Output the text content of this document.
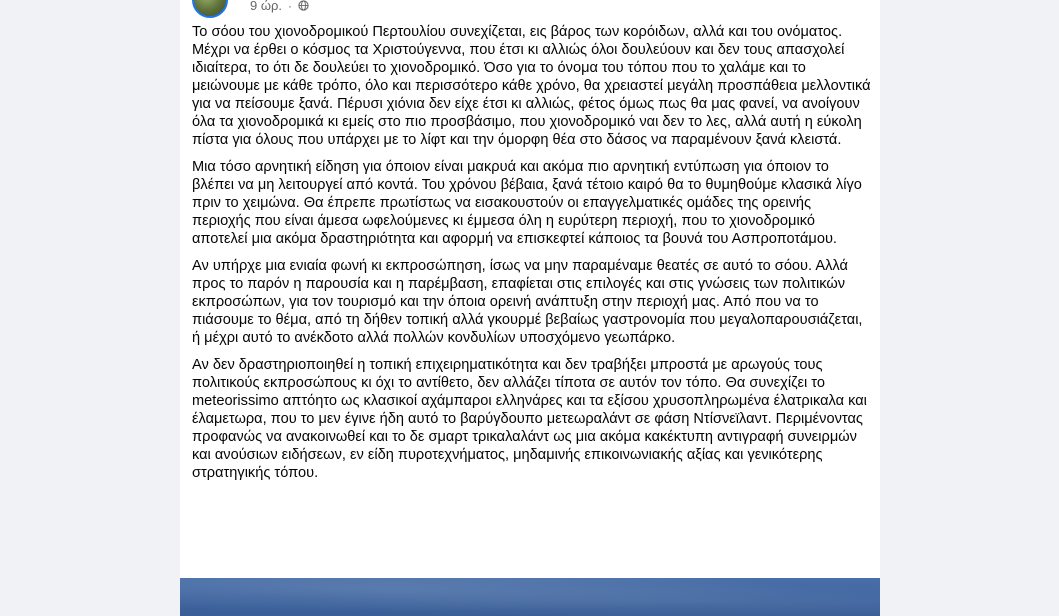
9 ώρ. ·

Το σόου του χιονοδρομικού Περτουλίου συνεχίζεται, εις βάρος των κορόιδων, αλλά και του ονόματος. Μέχρι να έρθει ο κόσμος τα Χριστούγεννα, που έτσι κι αλλιώς όλοι δουλεύουν και δεν τους απασχολεί ιδιαίτερα, το ότι δε δουλεύει το χιονοδρομικό. Όσο για το όνομα του τόπου που το χαλάμε και το μειώνουμε με κάθε τρόπο, όλο και περισσότερο κάθε χρόνο, θα χρειαστεί μεγάλη προσπάθεια μελλοντικά για να πείσουμε ξανά. Πέρυσι χιόνια δεν είχε έτσι κι αλλιώς, φέτος όμως πως θα μας φανεί, να ανοίγουν όλα τα χιονοδρομικά κι εμείς στο πιο προσβάσιμο, που χιονοδρομικό ναι δεν το λες, αλλά αυτή η εύκολη πίστα για όλους που υπάρχει με το λίφτ και την όμορφη θέα στο δάσος να παραμένουν ξανά κλειστά.

Μια τόσο αρνητική είδηση για όποιον είναι μακρυά και ακόμα πιο αρνητική εντύπωση για όποιον το βλέπει να μη λειτουργεί από κοντά. Του χρόνου βέβαια, ξανά τέτοιο καιρό θα το θυμηθούμε κλασικά λίγο πριν το χειμώνα. Θα έπρεπε πρωτίστως να εισακουστούν οι επαγγελματικές ομάδες της ορεινής περιοχής που είναι άμεσα ωφελούμενες κι έμμεσα όλη η ευρύτερη περιοχή, που το χιονοδρομικό αποτελεί μια ακόμα δραστηριότητα και αφορμή να επισκεφτεί κάποιος τα βουνά του Ασπροποτάμου.

Αν υπήρχε μια ενιαία φωνή κι εκπροσώπηση, ίσως να μην παραμέναμε θεατές σε αυτό το σόου. Αλλά προς το παρόν η παρουσία και η παρέμβαση, επαφίεται στις επιλογές και στις γνώσεις των πολιτικών εκπροσώπων, για τον τουρισμό και την όποια ορεινή ανάπτυξη στην περιοχή μας. Από που να το πιάσουμε το θέμα, από τη δήθεν τοπική αλλά γκουρμέ βεβαίως γαστρονομία που μεγαλοπαρουσιάζεται, ή μέχρι αυτό το ανέκδοτο αλλά πολλών κονδυλίων υποσχόμενο γεωπάρκο.

Αν δεν δραστηριοποιηθεί η τοπική επιχειρηματικότητα και δεν τραβήξει μπροστά με αρωγούς τους πολιτικούς εκπροσώπους κι όχι το αντίθετο, δεν αλλάζει τίποτα σε αυτόν τον τόπο. Θα συνεχίζει το meteorissimo απτόητο ως κλασικοί αχάμπαροι ελληνάρες και τα εξίσου χρυσοπληρωμένα έλατρικαλα και έλαμετωρα, που το μεν έγινε ήδη αυτό το βαρύγδουπο μετεωραλάντ σε φάση Ντίσνεϊλαντ. Περιμένοντας προφανώς να ανακοινωθεί και το δε σμαρτ τρικαλαλάντ ως μια ακόμα κακέκτυπη αντιγραφή συνειρμών και ανούσιων ειδήσεων, εν είδη πυροτεχνήματος, μηδαμινής επικοινωνιακής αξίας και γενικότερης στρατηγικής τόπου.
